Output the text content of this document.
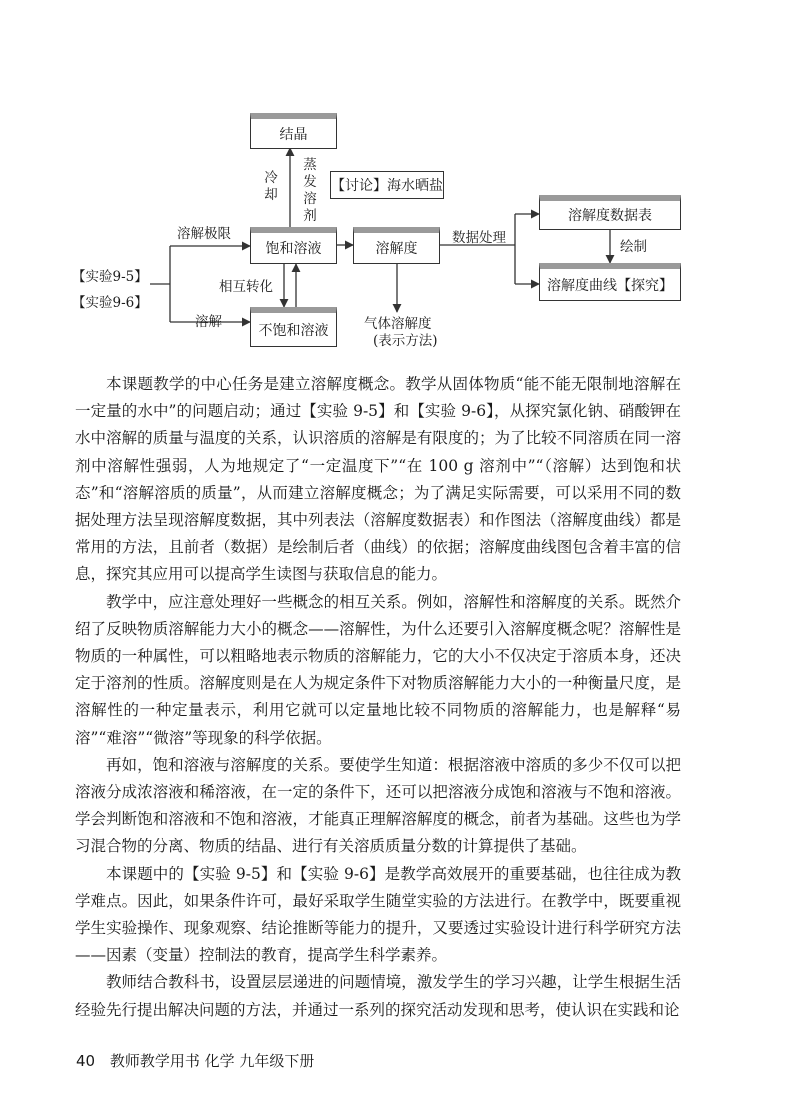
结晶
【讨论】海水晒盐
饱和溶液
不饱和溶液
溶解度
溶解度数据表
溶解度曲线【探究】
冷却
蒸发溶剂
溶解极限
溶解
相互转化
数据处理
绘制
【实验9-5】
【实验9-6】
气体溶解度
(表示方法)

本课题教学的中心任务是建立溶解度概念。教学从固体物质“能不能无限制地溶解在一定量的水中”的问题启动；通过【实验 9-5】和【实验 9-6】，从探究氯化钠、硝酸钾在水中溶解的质量与温度的关系，认识溶质的溶解是有限度的；为了比较不同溶质在同一溶剂中溶解性强弱，人为地规定了“一定温度下”“在 100 g 溶剂中”“（溶解）达到饱和状态”和“溶解溶质的质量”，从而建立溶解度概念；为了满足实际需要，可以采用不同的数据处理方法呈现溶解度数据，其中列表法（溶解度数据表）和作图法（溶解度曲线）都是常用的方法，且前者（数据）是绘制后者（曲线）的依据；溶解度曲线图包含着丰富的信息，探究其应用可以提高学生读图与获取信息的能力。

教学中，应注意处理好一些概念的相互关系。例如，溶解性和溶解度的关系。既然介绍了反映物质溶解能力大小的概念——溶解性，为什么还要引入溶解度概念呢？溶解性是物质的一种属性，可以粗略地表示物质的溶解能力，它的大小不仅决定于溶质本身，还决定于溶剂的性质。溶解度则是在人为规定条件下对物质溶解能力大小的一种衡量尺度，是溶解性的一种定量表示，利用它就可以定量地比较不同物质的溶解能力，也是解释“易溶”“难溶”“微溶”等现象的科学依据。

再如，饱和溶液与溶解度的关系。要使学生知道：根据溶液中溶质的多少不仅可以把溶液分成浓溶液和稀溶液，在一定的条件下，还可以把溶液分成饱和溶液与不饱和溶液。学会判断饱和溶液和不饱和溶液，才能真正理解溶解度的概念，前者为基础。这些也为学习混合物的分离、物质的结晶、进行有关溶质质量分数的计算提供了基础。

本课题中的【实验 9-5】和【实验 9-6】是教学高效展开的重要基础，也往往成为教学难点。因此，如果条件许可，最好采取学生随堂实验的方法进行。在教学中，既要重视学生实验操作、现象观察、结论推断等能力的提升，又要透过实验设计进行科学研究方法——因素（变量）控制法的教育，提高学生科学素养。

教师结合教科书，设置层层递进的问题情境，激发学生的学习兴趣，让学生根据生活经验先行提出解决问题的方法，并通过一系列的探究活动发现和思考，使认识在实践和论

40 教师教学用书 化学 九年级下册
